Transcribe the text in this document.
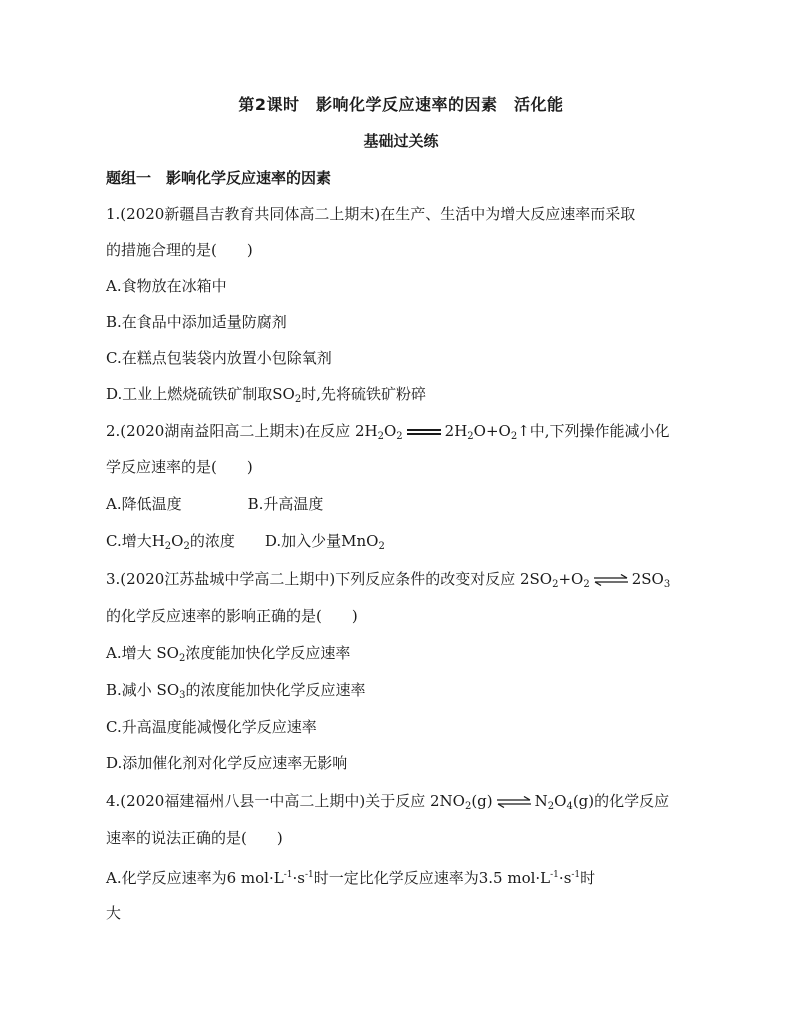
第2课时　影响化学反应速率的因素　活化能
基础过关练
题组一　影响化学反应速率的因素
1.(2020新疆昌吉教育共同体高二上期末)在生产、生活中为增大反应速率而采取
的措施合理的是(　　)
A.食物放在冰箱中
B.在食品中添加适量防腐剂
C.在糕点包装袋内放置小包除氧剂
D.工业上燃烧硫铁矿制取$SO_2$时,先将硫铁矿粉碎
2.(2020湖南益阳高二上期末)在反应 $2H_2O_2$	$2H_2O+O_2↑$中,下列操作能减小化
学反应速率的是(　　)
A.降低温度	B.升高温度
C.增大$H_2O_2$的浓度 D.加入少量MnO$_2$
3.(2020江苏盐城中学高二上期中)下列反应条件的改变对反应 $2SO_2+O_2$ ⇌ $2SO_3$
的化学反应速率的影响正确的是(　　)
A.增大 $SO_2$浓度能加快化学反应速率
B.减小 $SO_3$的浓度能加快化学反应速率
C.升高温度能减慢化学反应速率
D.添加催化剂对化学反应速率无影响
4.(2020福建福州八县一中高二上期中)关于反应 $2NO_2(g)$ ⇌ $N_2O_4(g)$的化学反应
速率的说法正确的是(　　)
A.化学反应速率为6 $mol\cdot L^{-1}\cdot s^{-1}$时一定比化学反应速率为3.5 $mol\cdot L^{-1}\cdot s^{-1}$时
大
